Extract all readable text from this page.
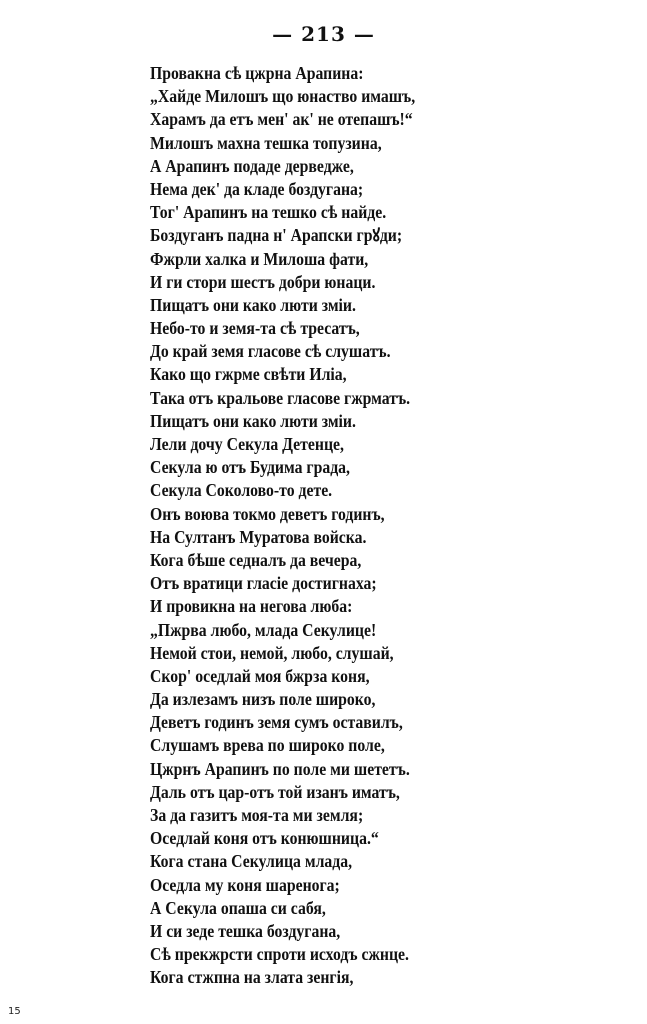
— 213 —
Провакна сѣ цжрна Арапина:
„Хайде Милошъ що юнаство имашъ,
Харамъ да етъ мен' ак' не отепашъ!“
Милошъ махна тешка топузина,
А Арапинъ подаде дерведже,
Нема дек' да кладе боздугана;
Тог' Арапинъ на тешко сѣ найде.
Боздуганъ падна н' Арапски грꙋди;
Фжрли халка и Милоша фати,
И ги стори шестъ добри юнаци.
Пищатъ они како люти змiи.
Небо-то и земя-та сѣ тресатъ,
До край земя гласове сѣ слушатъ.
Како що гжрме свѣти Илiа,
Така отъ кральове гласове гжрматъ.
Пищатъ они како люти змiи.
Лели дочу Секула Детенце,
Секула ю отъ Будима града,
Секула Соколово-то дете.
Онъ воюва токмо деветъ годинъ,
На Султанъ Муратова войска.
Кога бѣше седналъ да вечера,
Отъ вратици гласiе достигнаха;
И провикна на негова люба:
„Пжрва любо, млада Секулице!
Немой стои, немой, любо, слушай,
Скор' оседлай моя бжрза коня,
Да излезамъ низъ поле широко,
Деветъ годинъ земя сумъ оставилъ,
Слушамъ врева по широко поле,
Цжрнъ Арапинъ по поле ми шететъ.
Даль отъ цар-отъ той изанъ иматъ,
За да газитъ моя-та ми земля;
Оседлай коня отъ конюшница.“
Кога стана Секулица млада,
Оседла му коня шаренога;
А Секула опаша си сабя,
И си зеде тешка боздугана,
Сѣ прекжрсти спроти исходъ сжнце.
Кога стжпна на злата зенгiя,
15
